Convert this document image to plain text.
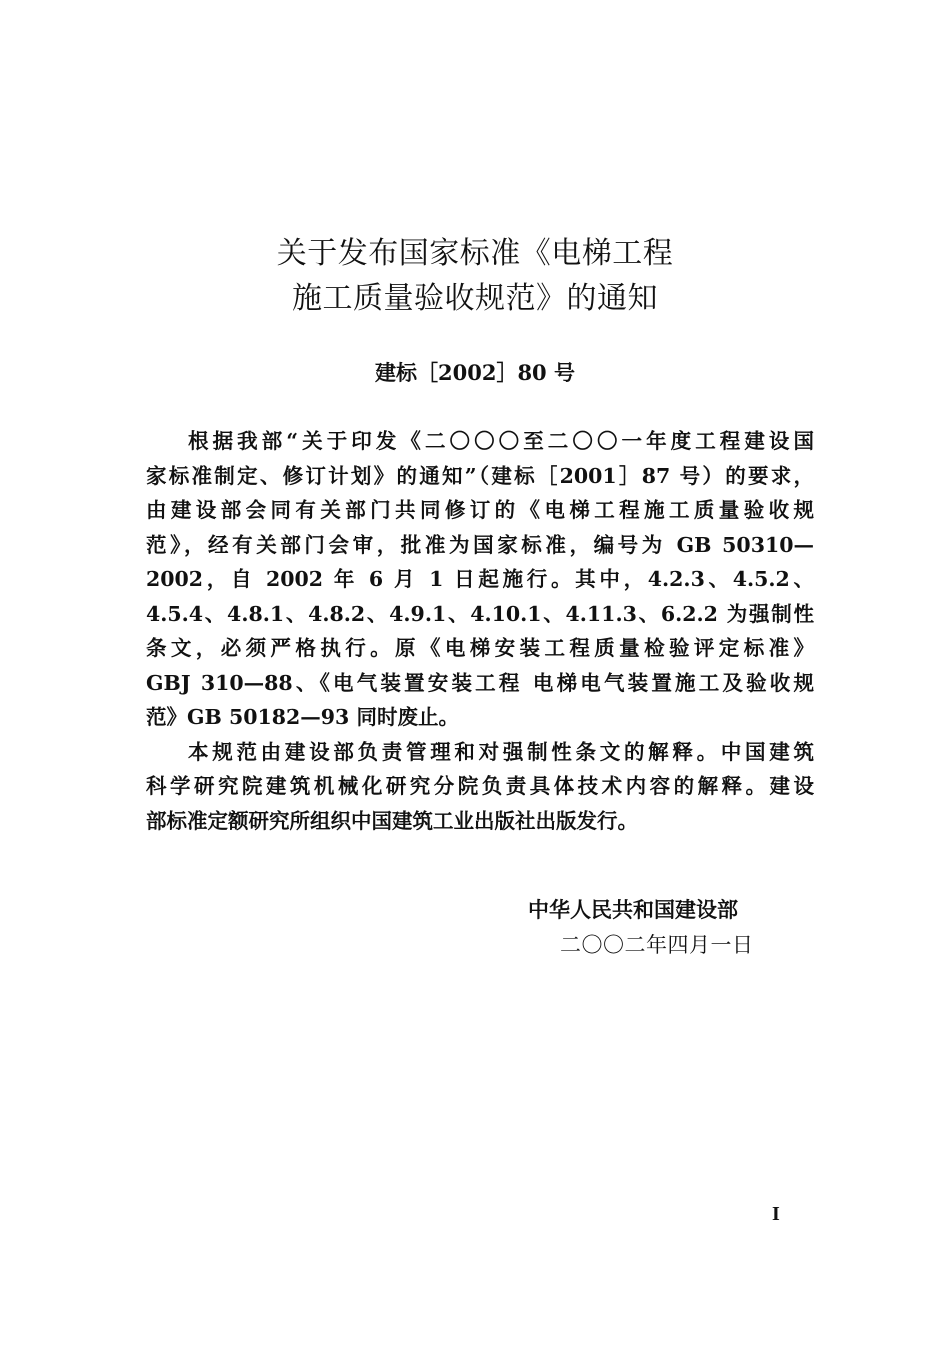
关于发布国家标准《电梯工程
施工质量验收规范》的通知
建标［2002］80 号
根据我部“关于印发《二〇〇〇至二〇〇一年度工程建设国
家标准制定、修订计划》的通知”（建标［2001］87 号）的要求，
由建设部会同有关部门共同修订的《电梯工程施工质量验收规
范》，经有关部门会审，批准为国家标准，编号为 GB 50310—
2002，自 2002 年 6 月 1 日起施行。其中，4.2.3、4.5.2、
4.5.4、4.8.1、4.8.2、4.9.1、4.10.1、4.11.3、6.2.2 为强制性
条文，必须严格执行。原《电梯安装工程质量检验评定标准》
GBJ 310—88、《电气装置安装工程 电梯电气装置施工及验收规
范》GB 50182—93 同时废止。
本规范由建设部负责管理和对强制性条文的解释。中国建筑
科学研究院建筑机械化研究分院负责具体技术内容的解释。建设
部标准定额研究所组织中国建筑工业出版社出版发行。
中华人民共和国建设部
二〇〇二年四月一日
I
